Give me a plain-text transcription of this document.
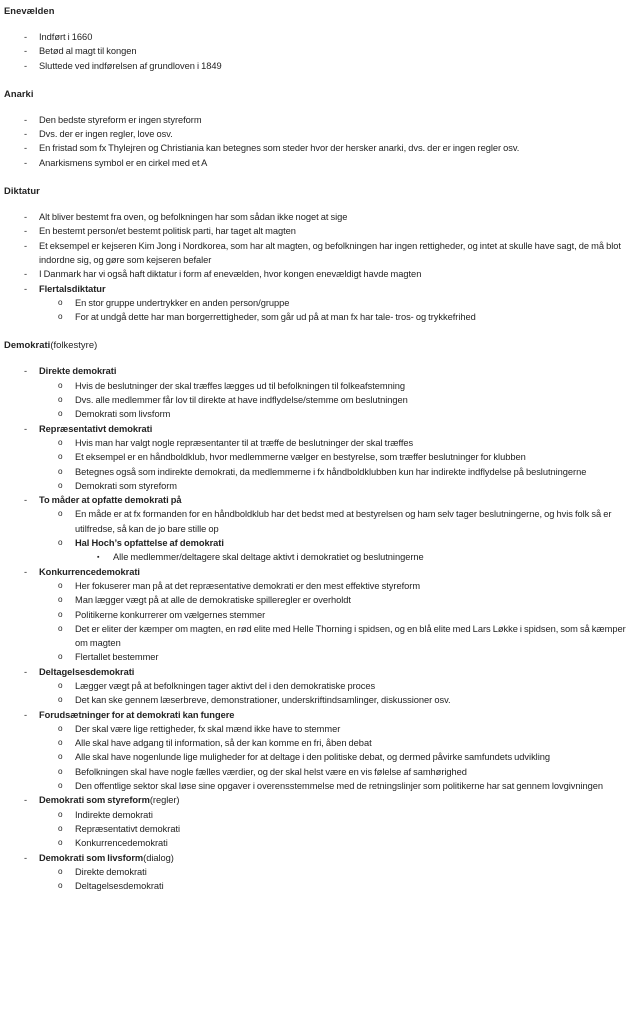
Enevælden
-	Indført i 1660
-	Betød al magt til kongen
-	Sluttede ved indførelsen af grundloven i 1849
Anarki
-	Den bedste styreform er ingen styreform
-	Dvs. der er ingen regler, love osv.
-	En fristad som fx Thylejren og Christiania kan betegnes som steder hvor der hersker anarki, dvs. der er ingen regler osv.
-	Anarkismens symbol er en cirkel med et A
Diktatur
-	Alt bliver bestemt fra oven, og befolkningen har som sådan ikke noget at sige
-	En bestemt person/et bestemt politisk parti, har taget alt magten
-	Et eksempel er kejseren Kim Jong i Nordkorea, som har alt magten, og befolkningen har ingen rettigheder, og intet at skulle have sagt, de må blot indordne sig, og gøre som kejseren befaler
-	I Danmark har vi også haft diktatur i form af enevælden, hvor kongen enevældigt havde magten
-	Flertalsdiktatur
o	En stor gruppe undertrykker en anden person/gruppe
o	For at undgå dette har man borgerrettigheder, som går ud på at man fx har tale- tros- og trykkefrihed
Demokrati(folkestyre)
-	Direkte demokrati
o	Hvis de beslutninger der skal træffes lægges ud til befolkningen til folkeafstemning
o	Dvs. alle medlemmer får lov til direkte at have indflydelse/stemme om beslutningen
o	Demokrati som livsform
-	Repræsentativt demokrati
o	Hvis man har valgt nogle repræsentanter til at træffe de beslutninger der skal træffes
o	Et eksempel er en håndboldklub, hvor medlemmerne vælger en bestyrelse, som træffer beslutninger for klubben
o	Betegnes også som indirekte demokrati, da medlemmerne i fx håndboldklubben kun har indirekte indflydelse på beslutningerne
o	Demokrati som styreform
-	To måder at opfatte demokrati på
o	En måde er at fx formanden for en håndboldklub har det bedst med at bestyrelsen og ham selv tager beslutningerne, og hvis folk så er utilfredse, så kan de jo bare stille op
o	Hal Hoch’s opfattelse af demokrati
▪	Alle medlemmer/deltagere skal deltage aktivt i demokratiet og beslutningerne
-	Konkurrencedemokrati
o	Her fokuserer man på at det repræsentative demokrati er den mest effektive styreform
o	Man lægger vægt på at alle de demokratiske spilleregler er overholdt
o	Politikerne konkurrerer om vælgernes stemmer
o	Det er eliter der kæmper om magten, en rød elite med Helle Thorning i spidsen, og en blå elite med Lars Løkke i spidsen, som så kæmper om magten
o	Flertallet bestemmer
-	Deltagelsesdemokrati
o	Lægger vægt på at befolkningen tager aktivt del i den demokratiske proces
o	Det kan ske gennem læserbreve, demonstrationer, underskriftindsamlinger, diskussioner osv.
-	Forudsætninger for at demokrati kan fungere
o	Der skal være lige rettigheder, fx skal mænd ikke have to stemmer
o	Alle skal have adgang til information, så der kan komme en fri, åben debat
o	Alle skal have nogenlunde lige muligheder for at deltage i den politiske debat, og dermed påvirke samfundets udvikling
o	Befolkningen skal have nogle fælles værdier, og der skal helst være en vis følelse af samhørighed
o	Den offentlige sektor skal løse sine opgaver i overensstemmelse med de retningslinjer som politikerne har sat gennem lovgivningen
-	Demokrati som styreform(regler)
o	Indirekte demokrati
o	Repræsentativt demokrati
o	Konkurrencedemokrati
-	Demokrati som livsform(dialog)
o	Direkte demokrati
o	Deltagelsesdemokrati
